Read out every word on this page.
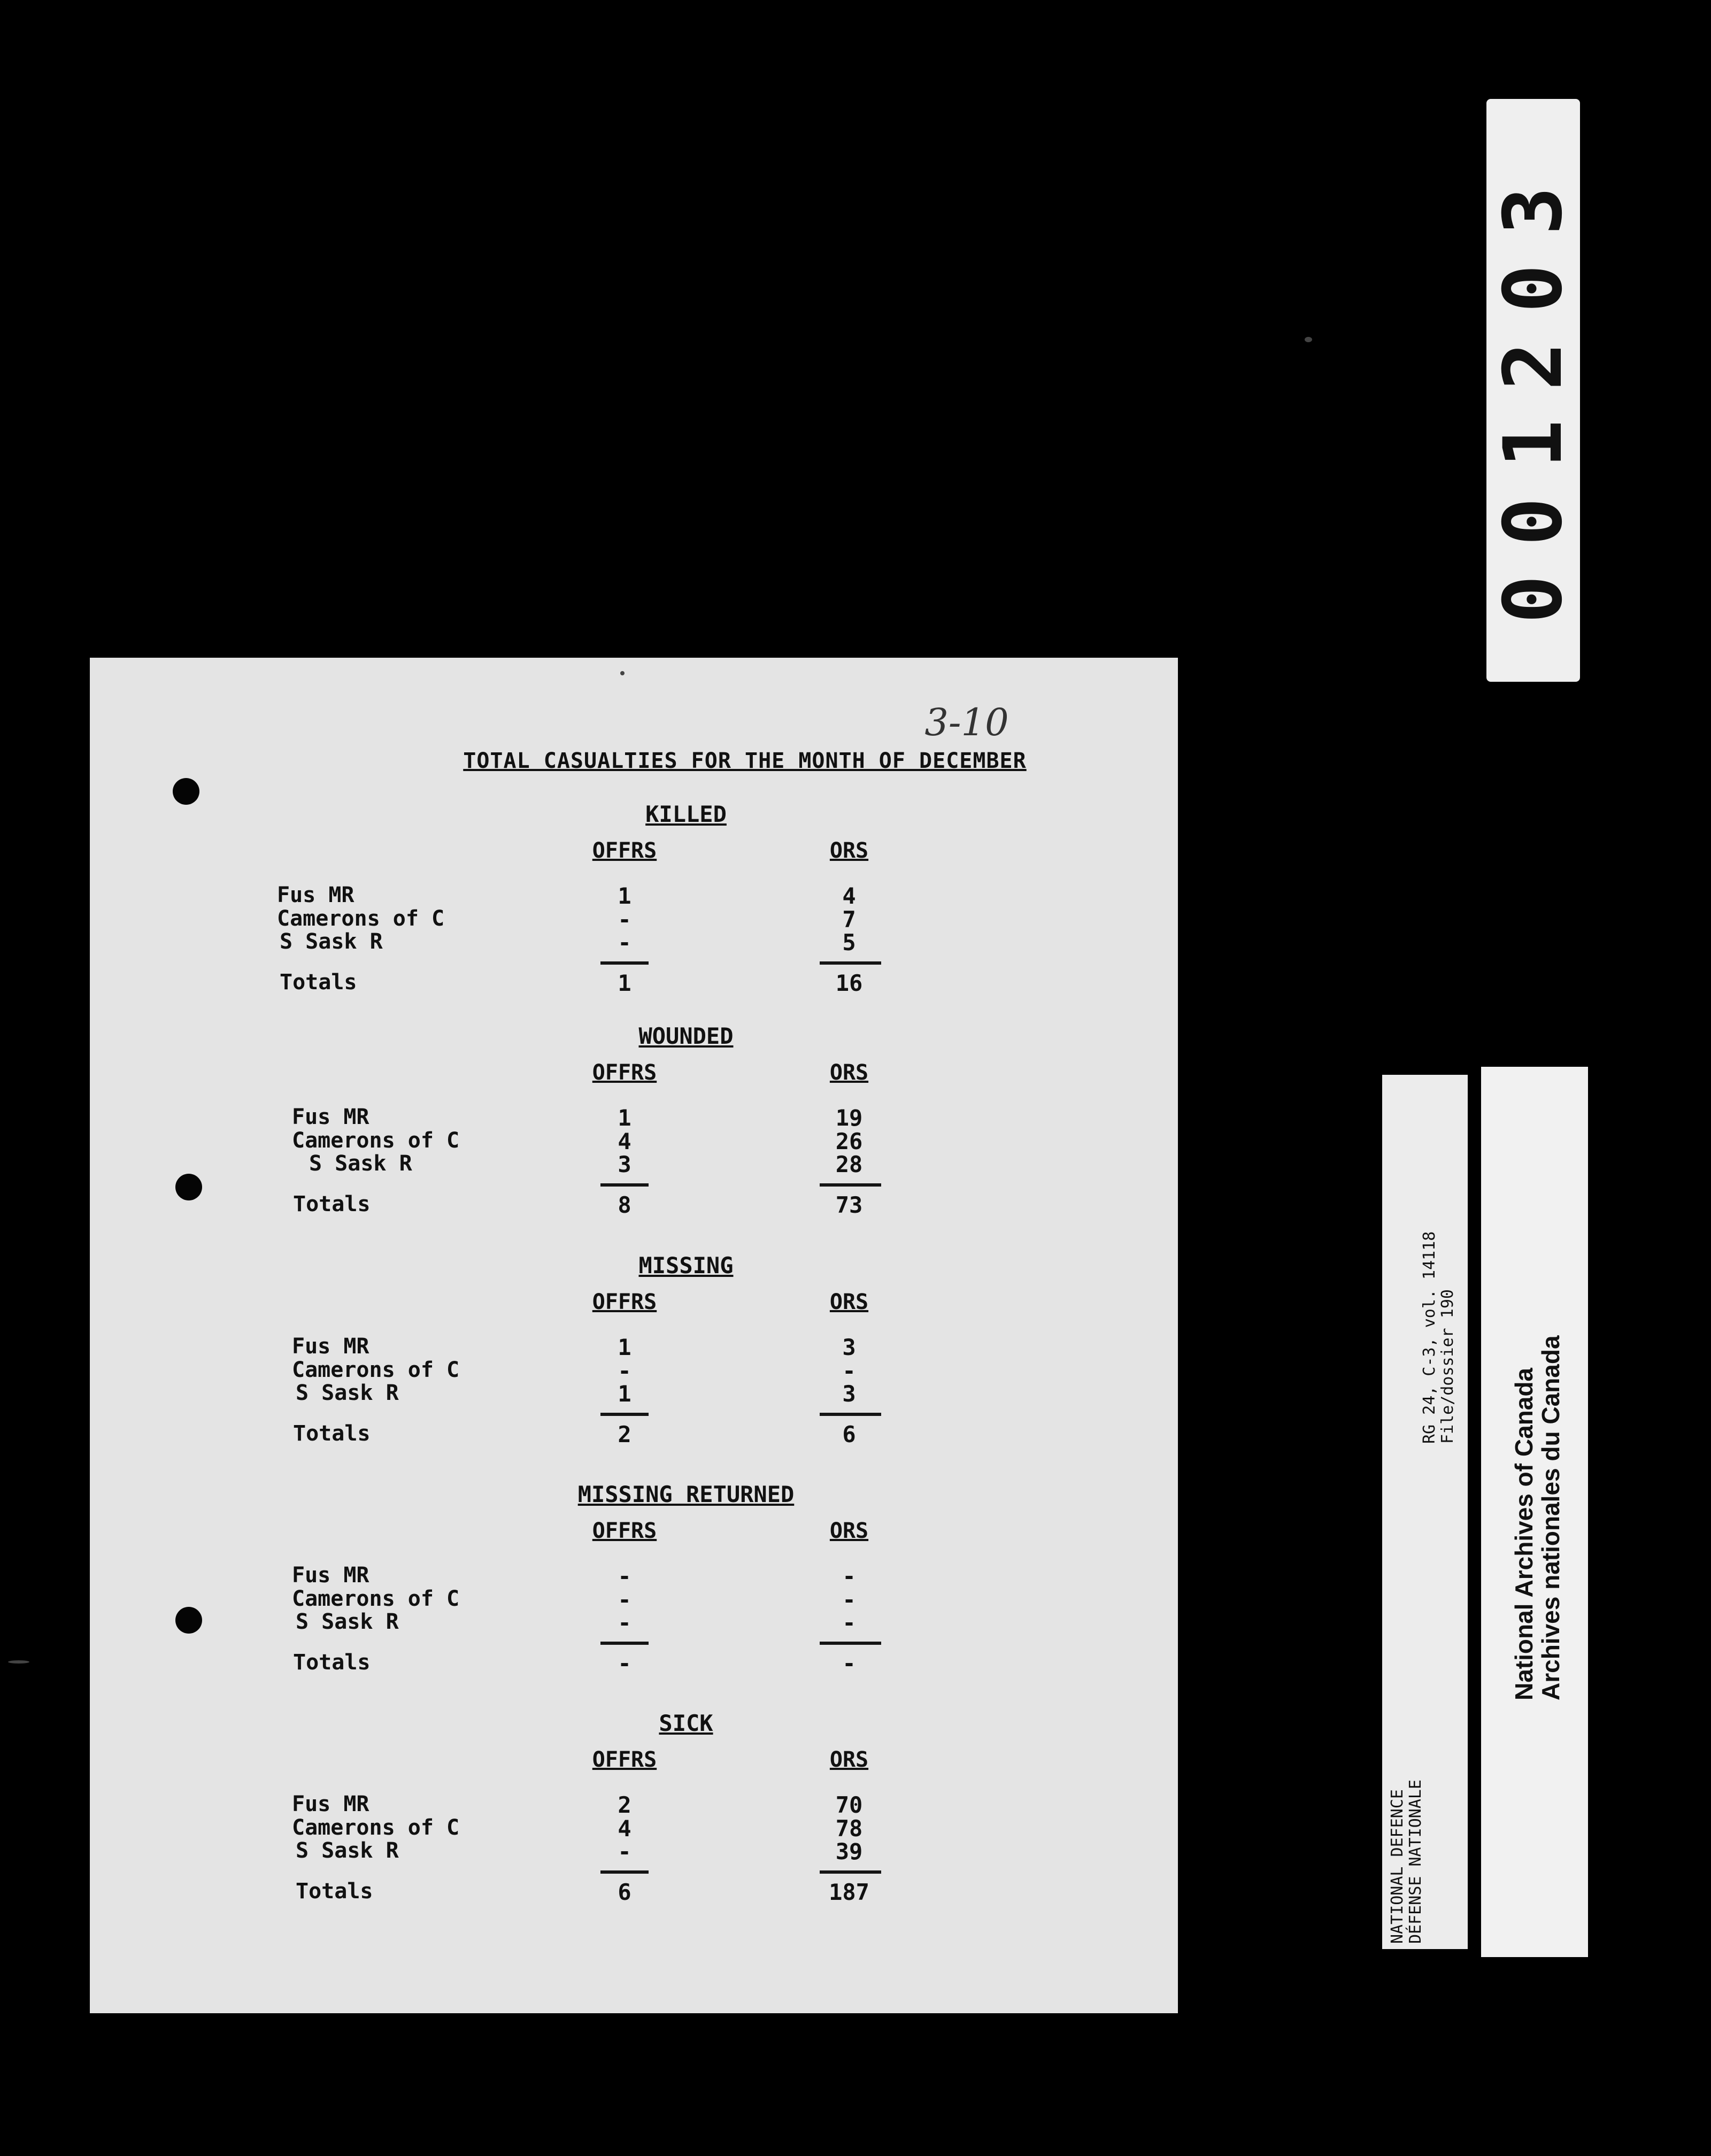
3-10
TOTAL CASUALTIES FOR THE MONTH OF DECEMBER
KILLED
OFFRS	ORS
Fus MR	1	4
Camerons of C	-	7
S Sask R	-	5
Totals	1	16
WOUNDED
OFFRS	ORS
Fus MR	1	19
Camerons of C	4	26
S Sask R	3	28
Totals	8	73
MISSING
OFFRS	ORS
Fus MR	1	3
Camerons of C	-	-
S Sask R	1	3
Totals	2	6
MISSING RETURNED
OFFRS	ORS
Fus MR	-	-
Camerons of C	-	-
S Sask R	-	-
Totals	-	-
SICK
OFFRS	ORS
Fus MR	2	70
Camerons of C	4	78
S Sask R	-	39
Totals	6	187
001203
NATIONAL DEFENCE DÉFENSE NATIONALE
RG 24, C-3, vol. 14118 File/dossier 190
National Archives of Canada
Archives nationales du Canada
